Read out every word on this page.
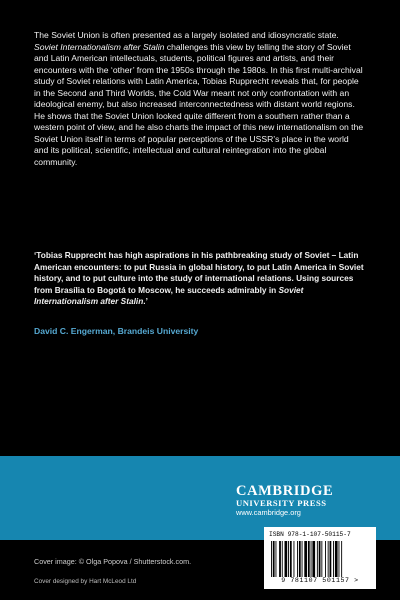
The Soviet Union is often presented as a largely isolated and idiosyncratic state. Soviet Internationalism after Stalin challenges this view by telling the story of Soviet and Latin American intellectuals, students, political figures and artists, and their encounters with the ‘other’ from the 1950s through the 1980s. In this first multi-archival study of Soviet relations with Latin America, Tobias Rupprecht reveals that, for people in the Second and Third Worlds, the Cold War meant not only confrontation with an ideological enemy, but also increased interconnectedness with distant world regions. He shows that the Soviet Union looked quite different from a southern rather than a western point of view, and he also charts the impact of this new internationalism on the Soviet Union itself in terms of popular perceptions of the USSR’s place in the world and its political, scientific, intellectual and cultural reintegration into the global community.

‘Tobias Rupprecht has high aspirations in his pathbreaking study of Soviet – Latin American encounters: to put Russia in global history, to put Latin America in Soviet history, and to put culture into the study of international relations. Using sources from Brasília to Bogotá to Moscow, he succeeds admirably in Soviet Internationalism after Stalin.’

David C. Engerman, Brandeis University
CAMBRIDGE
UNIVERSITY PRESS
www.cambridge.org
Cover image: © Olga Popova / Shutterstock.com.
Cover designed by Hart McLeod Ltd
ISBN 978-1-107-50115-7
9 781107 501157 >
